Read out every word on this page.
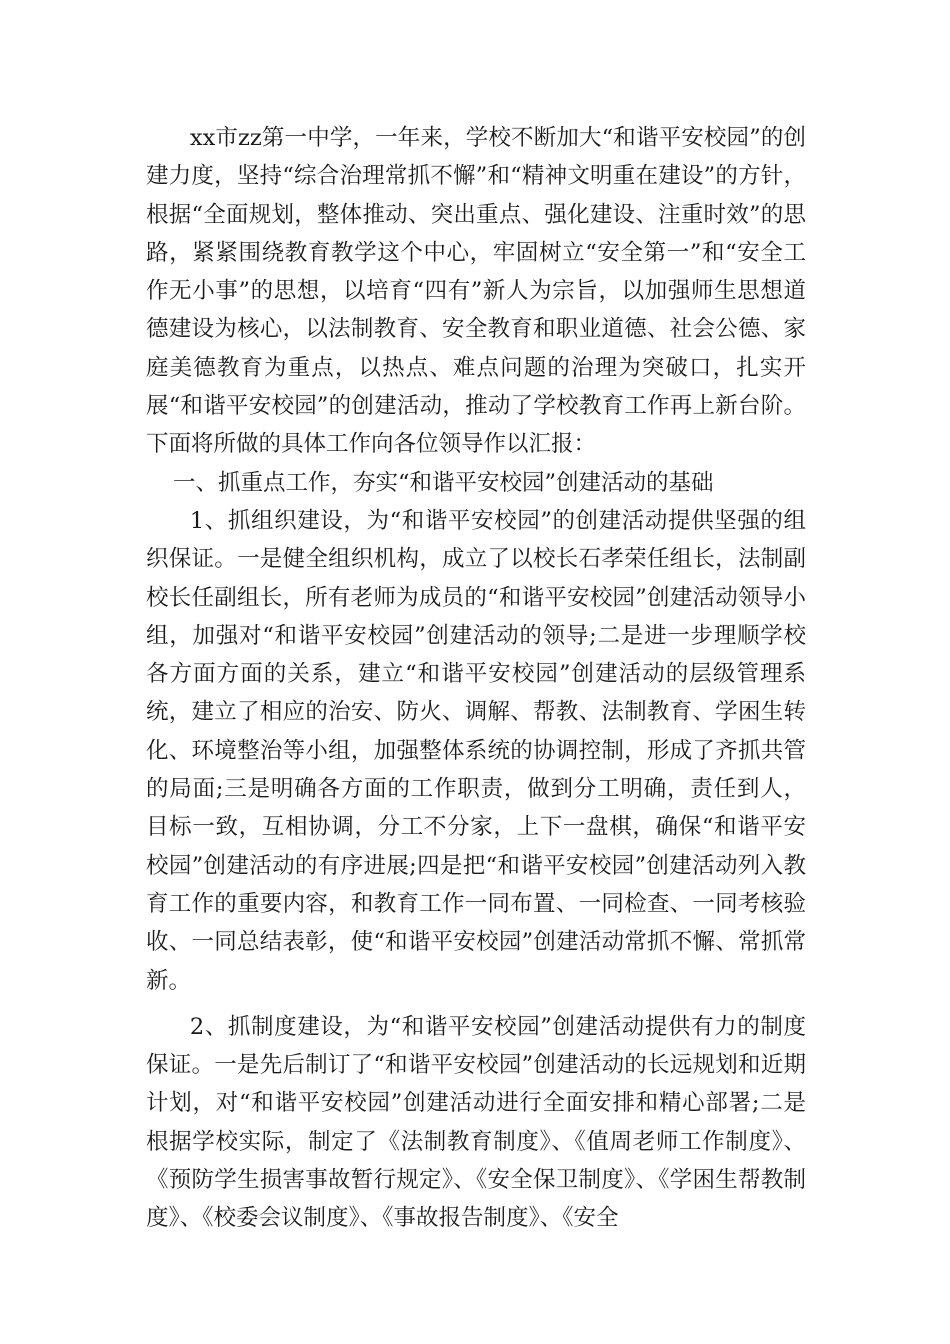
xx市zz第一中学，一年来，学校不断加大“和谐平安校园”的创建力度，坚持“综合治理常抓不懈”和“精神文明重在建设”的方针，根据“全面规划，整体推动、突出重点、强化建设、注重时效”的思路，紧紧围绕教育教学这个中心，牢固树立“安全第一”和“安全工作无小事”的思想，以培育“四有”新人为宗旨，以加强师生思想道德建设为核心，以法制教育、安全教育和职业道德、社会公德、家庭美德教育为重点，以热点、难点问题的治理为突破口，扎实开展“和谐平安校园”的创建活动，推动了学校教育工作再上新台阶。下面将所做的具体工作向各位领导作以汇报：

一、抓重点工作，夯实“和谐平安校园”创建活动的基础

1、抓组织建设，为“和谐平安校园”的创建活动提供坚强的组织保证。一是健全组织机构，成立了以校长石孝荣任组长，法制副校长任副组长，所有老师为成员的“和谐平安校园”创建活动领导小组，加强对“和谐平安校园”创建活动的领导;二是进一步理顺学校各方面方面的关系，建立“和谐平安校园”创建活动的层级管理系统，建立了相应的治安、防火、调解、帮教、法制教育、学困生转化、环境整治等小组，加强整体系统的协调控制，形成了齐抓共管的局面;三是明确各方面的工作职责，做到分工明确，责任到人，目标一致，互相协调，分工不分家，上下一盘棋，确保“和谐平安校园”创建活动的有序进展;四是把“和谐平安校园”创建活动列入教育工作的重要内容，和教育工作一同布置、一同检查、一同考核验收、一同总结表彰，使“和谐平安校园”创建活动常抓不懈、常抓常新。

2、抓制度建设，为“和谐平安校园”创建活动提供有力的制度保证。一是先后制订了“和谐平安校园”创建活动的长远规划和近期计划，对“和谐平安校园”创建活动进行全面安排和精心部署;二是根据学校实际，制定了《法制教育制度》、《值周老师工作制度》、《预防学生损害事故暂行规定》、《安全保卫制度》、《学困生帮教制度》、《校委会议制度》、《事故报告制度》、《安全
